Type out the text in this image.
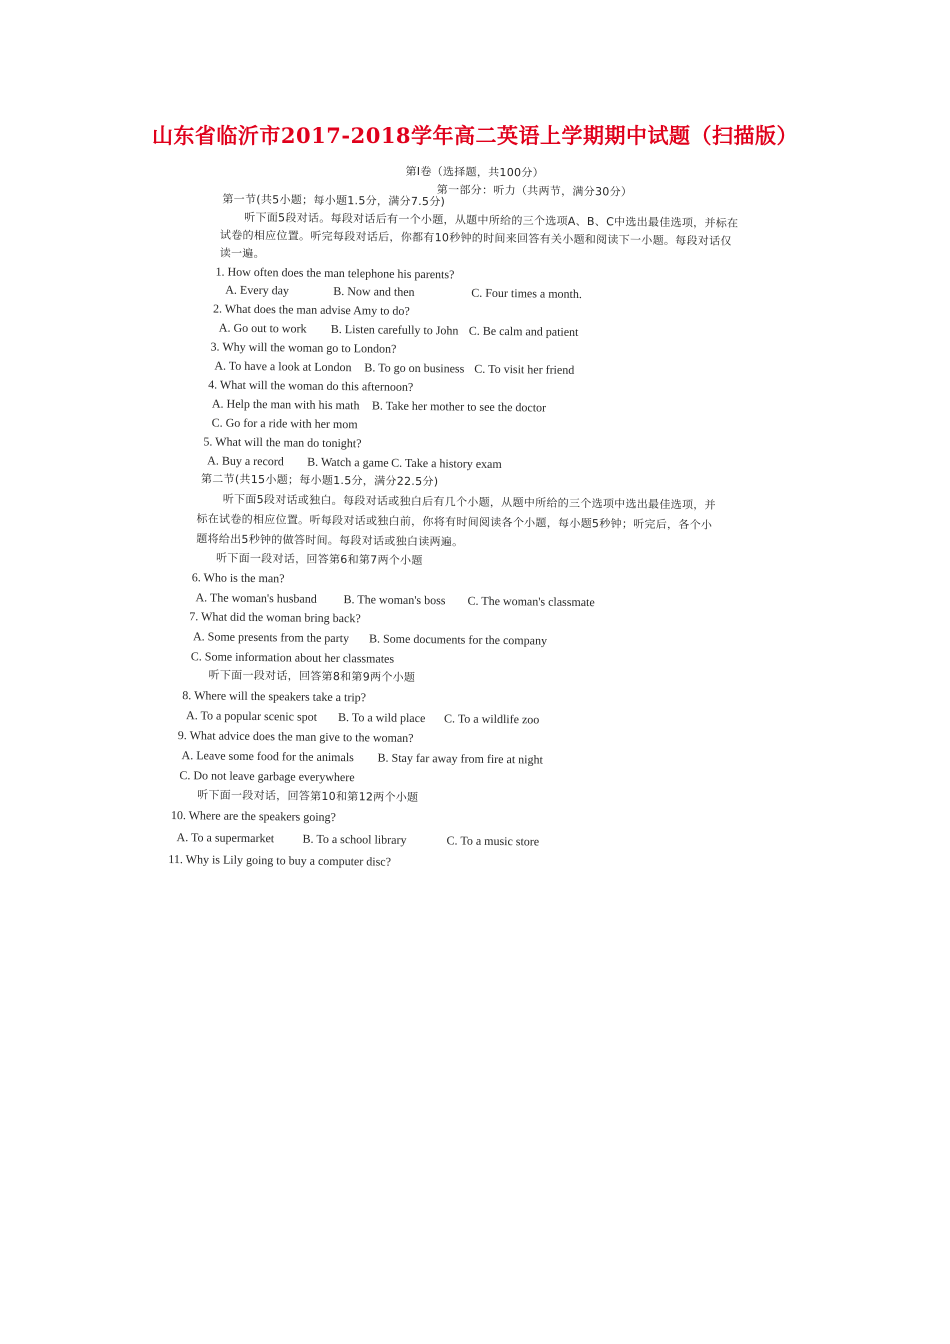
山东省临沂市2017-2018学年高二英语上学期期中试题（扫描版）
第Ⅰ卷（选择题，共100分）
第一部分：听力（共两节，满分30分）
第一节(共5小题；每小题1.5分，满分7.5分)
听下面5段对话。每段对话后有一个小题，从题中所给的三个选项A、B、C中选出最佳选项，并标在
试卷的相应位置。听完每段对话后，你都有10秒钟的时间来回答有关小题和阅读下一小题。每段对话仅
读一遍。
1. How often does the man telephone his parents?
A. Every day	B. Now and then	C. Four times a month.
2. What does the man advise Amy to do?
A. Go out to work B. Listen carefully to John C. Be calm and patient
3. Why will the woman go to London?
A. To have a look at London B. To go on business C. To visit her friend
4. What will the woman do this afternoon?
A. Help the man with his math B. Take her mother to see the doctor
C. Go for a ride with her mom
5. What will the man do tonight?
A. Buy a record B. Watch a game C. Take a history exam
第二节(共15小题；每小题1.5分，满分22.5分)
听下面5段对话或独白。每段对话或独白后有几个小题，从题中所给的三个选项中选出最佳选项，并
标在试卷的相应位置。听每段对话或独白前，你将有时间阅读各个小题，每小题5秒钟；听完后，各个小
题将给出5秒钟的做答时间。每段对话或独白读两遍。
听下面一段对话，回答第6和第7两个小题
6. Who is the man?
A. The woman's husband B. The woman's boss C. The woman's classmate
7. What did the woman bring back?
A. Some presents from the party B. Some documents for the company
C. Some information about her classmates
听下面一段对话，回答第8和第9两个小题
8. Where will the speakers take a trip?
A. To a popular scenic spot B. To a wild place C. To a wildlife zoo
9. What advice does the man give to the woman?
A. Leave some food for the animals B. Stay far away from fire at night
C. Do not leave garbage everywhere
听下面一段对话，回答第10和第12两个小题
10. Where are the speakers going?
A. To a supermarket B. To a school library	C. To a music store
11. Why is Lily going to buy a computer disc?
